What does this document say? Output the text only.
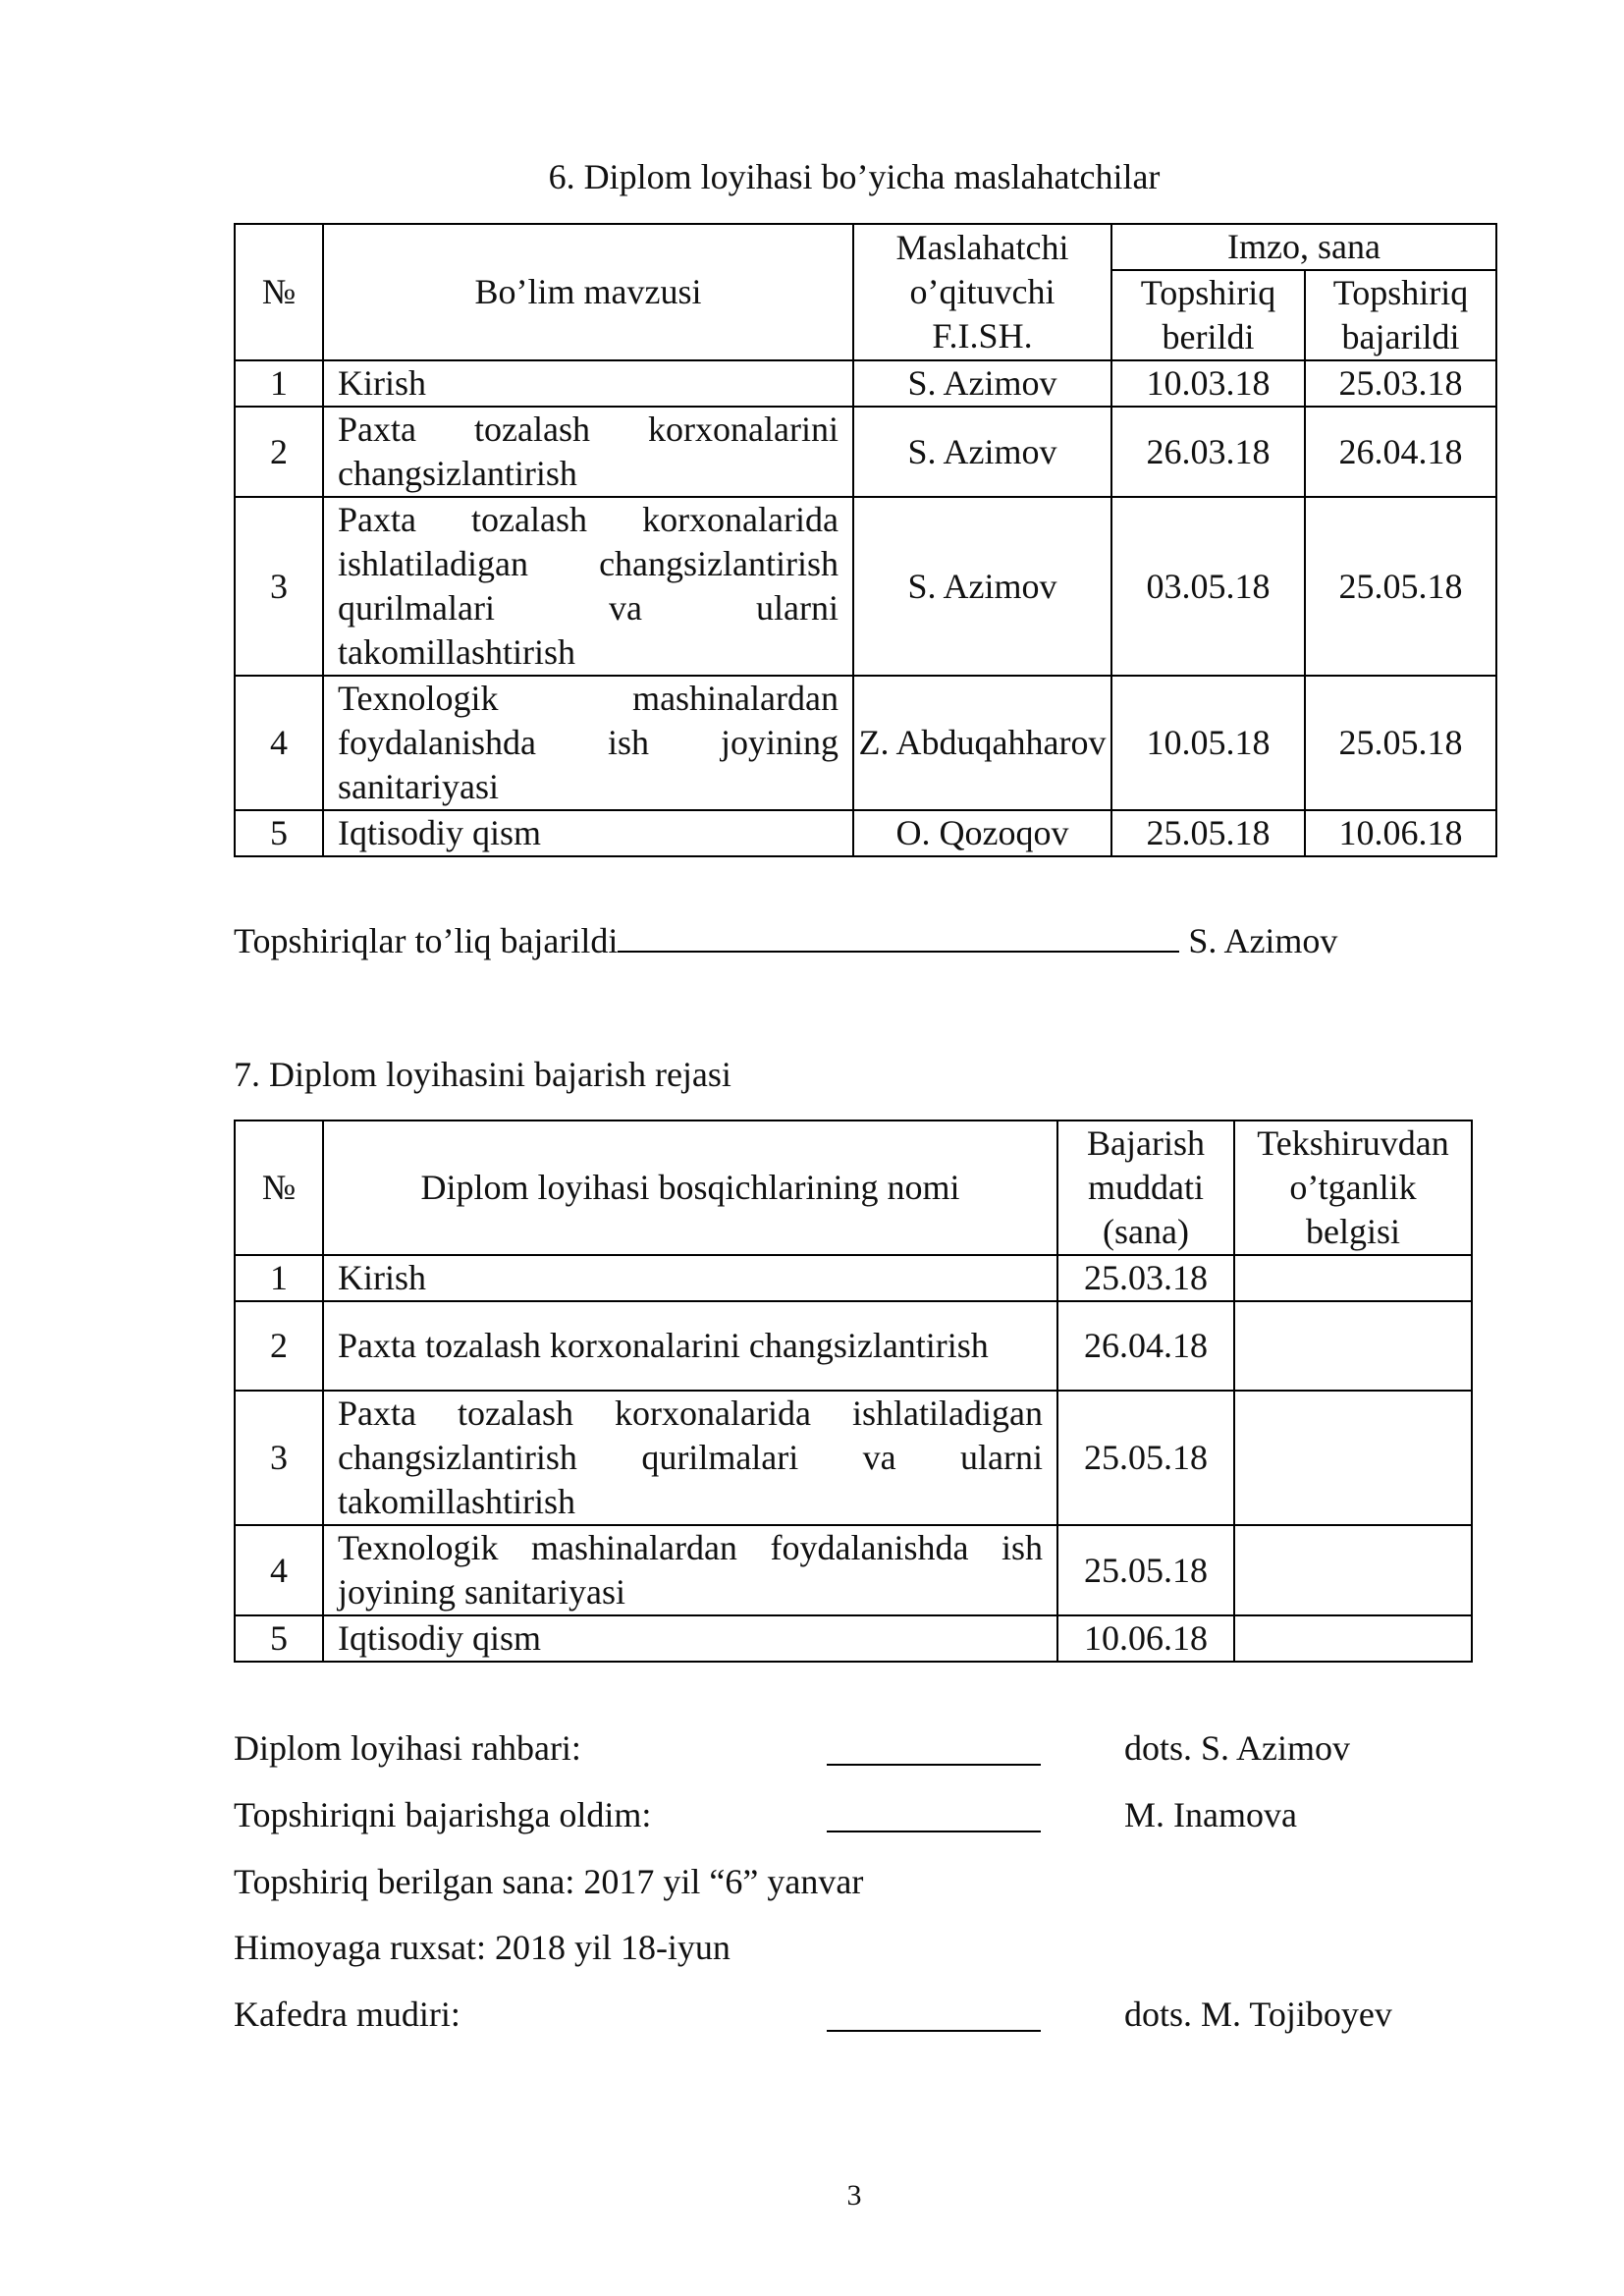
6. Diplom loyihasi bo’yicha maslahatchilar
№	Bo’lim mavzusi	Maslahatchi o’qituvchi F.I.SH.	Imzo, sana	
			Topshiriq berildi	Topshiriq bajarildi
1	Kirish	S. Azimov	10.03.18	25.03.18
2	Paxta tozalash korxonalarini changsizlantirish	S. Azimov	26.03.18	26.04.18
3	Paxta tozalash korxonalarida ishlatiladigan changsizlantirish qurilmalari va ularni takomillashtirish	S. Azimov	03.05.18	25.05.18
4	Texnologik mashinalardan foydalanishda ish joyining sanitariyasi	Z. Abduqahharov	10.05.18	25.05.18
5	Iqtisodiy qism	O. Qozoqov	25.05.18	10.06.18
Topshiriqlar to’liq bajarildi	S. Azimov
7. Diplom loyihasini bajarish rejasi
№	Diplom loyihasi bosqichlarining nomi	Bajarish muddati (sana)	Tekshiruvdan o’tganlik belgisi
1	Kirish	25.03.18	
2	Paxta tozalash korxonalarini changsizlantirish	26.04.18	
3	Paxta tozalash korxonalarida ishlatiladigan changsizlantirish qurilmalari va ularni takomillashtirish	25.05.18	
4	Texnologik mashinalardan foydalanishda ish joyining sanitariyasi	25.05.18	
5	Iqtisodiy qism	10.06.18	
Diplom loyihasi rahbari:	dots. S. Azimov
Topshiriqni bajarishga oldim:	M. Inamova
Topshiriq berilgan sana: 2017 yil “6” yanvar
Himoyaga ruxsat: 2018 yil 18-iyun
Kafedra mudiri:	dots. M. Tojiboyev
3
